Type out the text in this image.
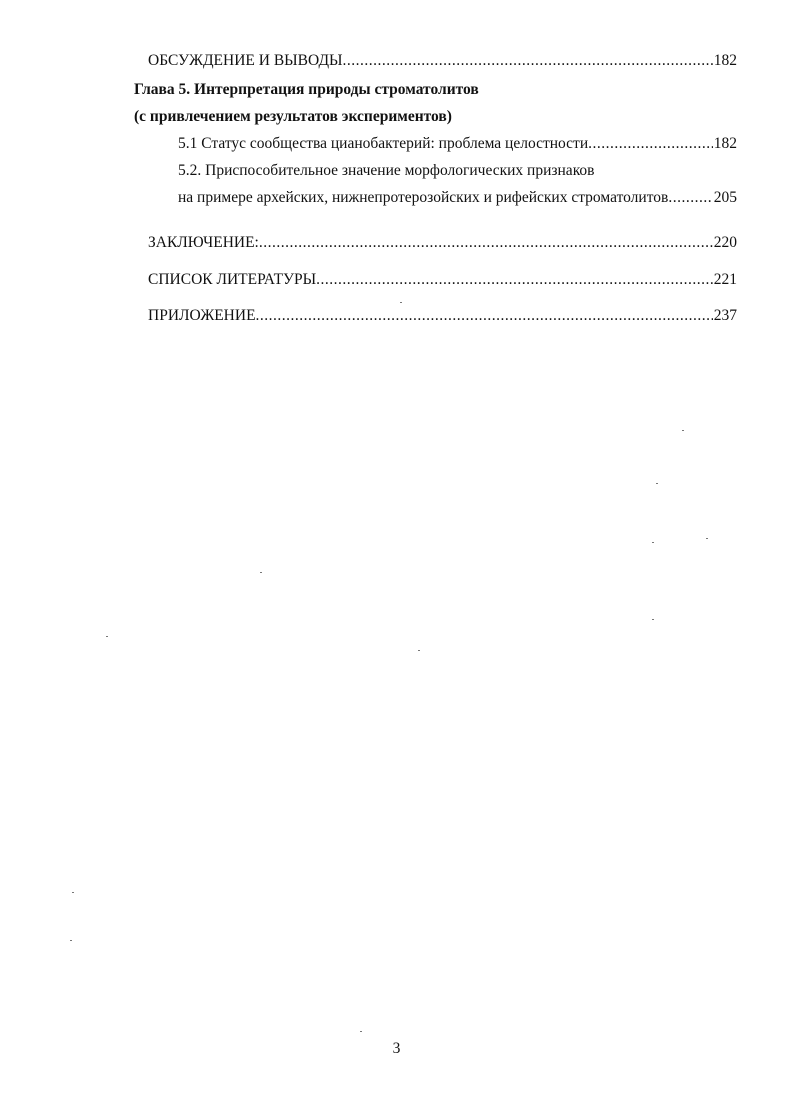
ОБСУЖДЕНИЕ И ВЫВОДЫ .....	182
Глава 5. Интерпретация природы строматолитов
(с привлечением результатов экспериментов)
5.1 Статус сообщества цианобактерий: проблема целостности .....	182
5.2. Приспособительное значение морфологических признаков
на примере архейских, нижнепротерозойских и рифейских строматолитов .....	205
ЗАКЛЮЧЕНИЕ: .....	220
СПИСОК ЛИТЕРАТУРЫ .....	221
ПРИЛОЖЕНИЕ .....	237
3
